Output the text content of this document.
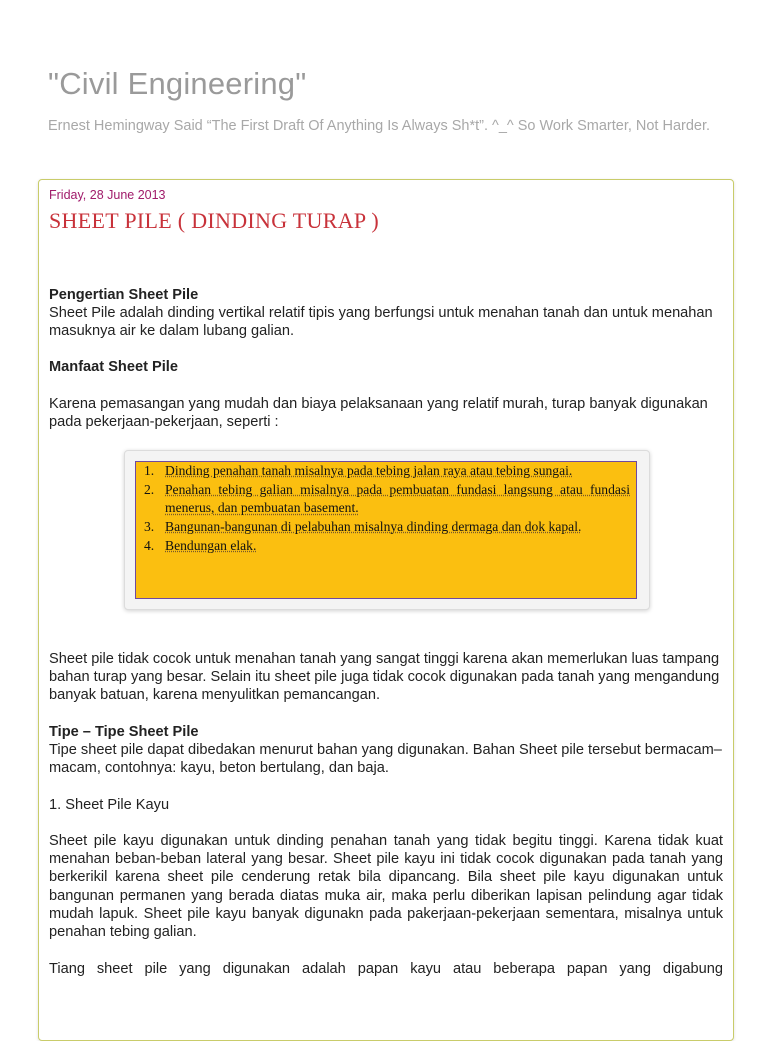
"Civil Engineering"
Ernest Hemingway Said “The First Draft Of Anything Is Always Sh*t”. ^_^ So Work Smarter, Not Harder.
Friday, 28 June 2013
SHEET PILE ( DINDING TURAP )

Pengertian Sheet Pile

Sheet Pile adalah dinding vertikal relatif tipis yang berfungsi untuk menahan tanah dan untuk menahan masuknya air ke dalam lubang galian.

Manfaat Sheet Pile

Karena pemasangan yang mudah dan biaya pelaksanaan yang relatif murah, turap banyak digunakan pada pekerjaan-pekerjaan, seperti :

1. Dinding penahan tanah misalnya pada tebing jalan raya atau tebing sungai.
2. Penahan tebing galian misalnya pada pembuatan fundasi langsung atau fundasi menerus, dan pembuatan basement.
3. Bangunan-bangunan di pelabuhan misalnya dinding dermaga dan dok kapal.
4. Bendungan elak.

Sheet pile tidak cocok untuk menahan tanah yang sangat tinggi karena akan memerlukan luas tampang bahan turap yang besar. Selain itu sheet pile juga tidak cocok digunakan pada tanah yang mengandung banyak batuan, karena menyulitkan pemancangan.

Tipe – Tipe Sheet Pile

Tipe sheet pile dapat dibedakan menurut bahan yang digunakan. Bahan Sheet pile tersebut bermacam–macam, contohnya: kayu, beton bertulang, dan baja.

1. Sheet Pile Kayu

Sheet pile kayu digunakan untuk dinding penahan tanah yang tidak begitu tinggi. Karena tidak kuat menahan beban-beban lateral yang besar. Sheet pile kayu ini tidak cocok digunakan pada tanah yang berkerikil karena sheet pile cenderung retak bila dipancang. Bila sheet pile kayu digunakan untuk bangunan permanen yang berada diatas muka air, maka perlu diberikan lapisan pelindung agar tidak mudah lapuk. Sheet pile kayu banyak digunakn pada pakerjaan-pekerjaan sementara, misalnya untuk penahan tebing galian.

Tiang sheet pile yang digunakan adalah papan kayu atau beberapa papan yang digabung
